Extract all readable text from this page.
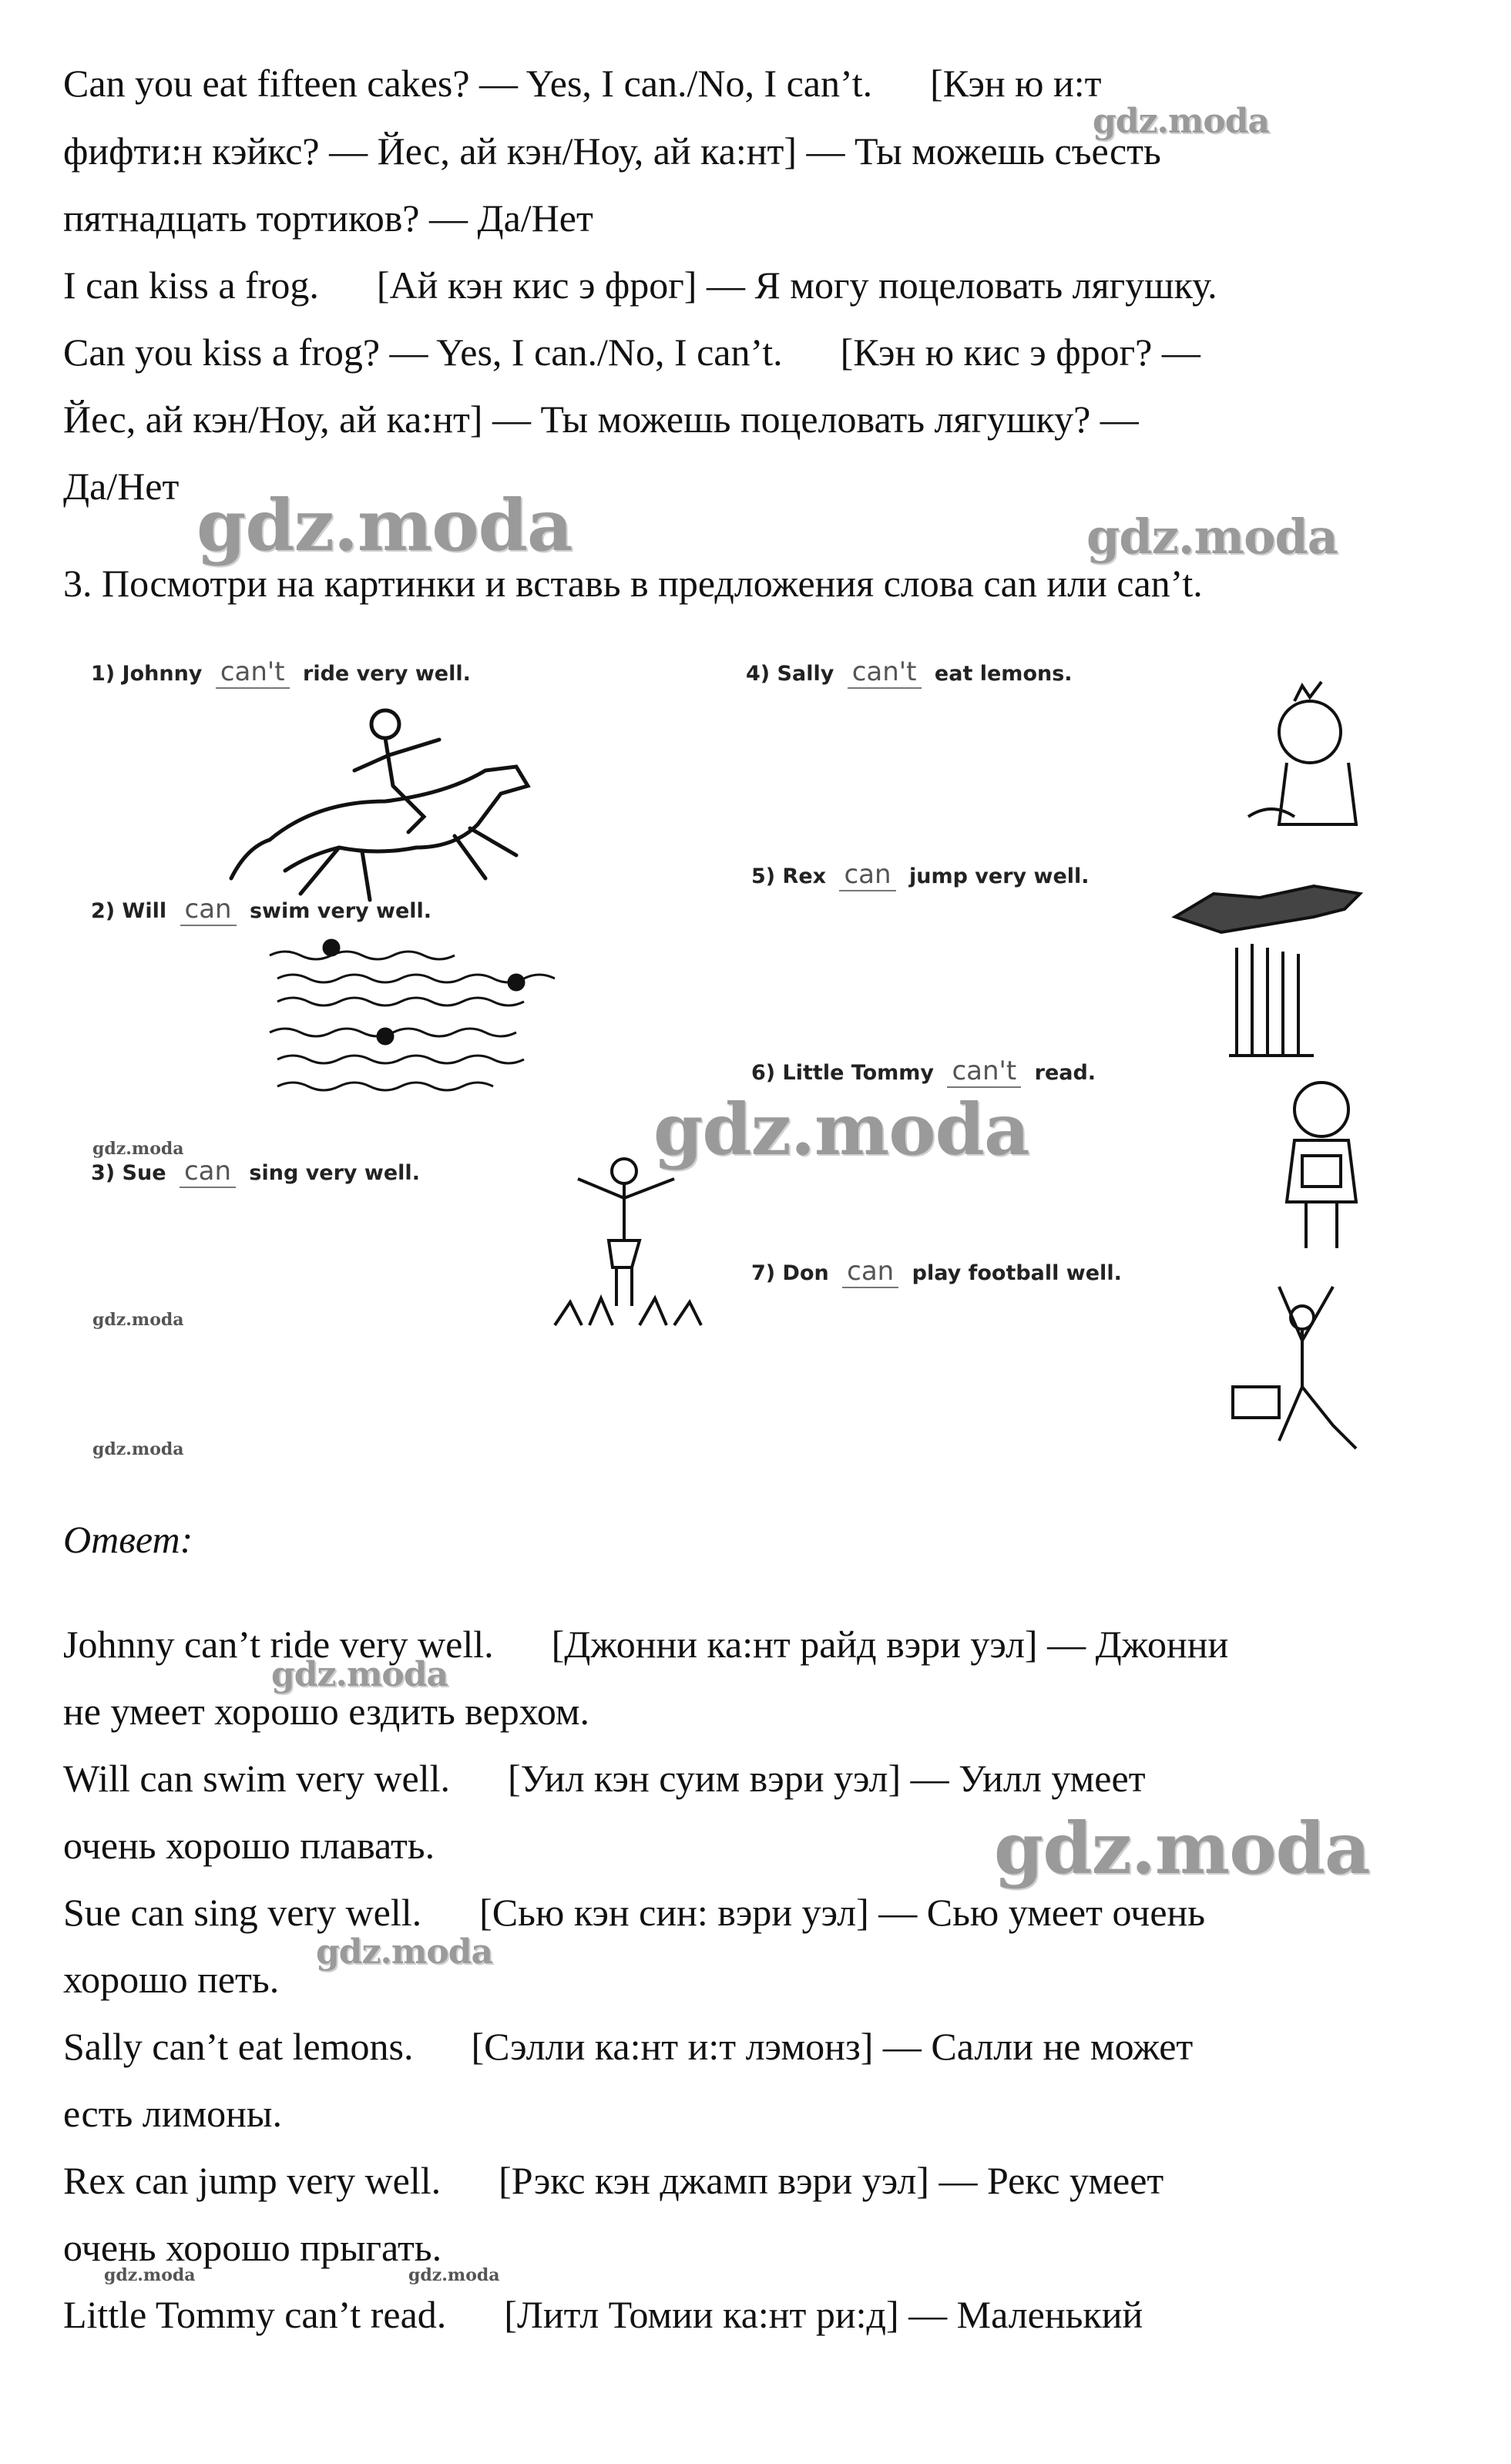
Can you eat fifteen cakes? — Yes, I can./No, I can’t.      [Кэн ю и:т
фифти:н кэйкс? — Йес, ай кэн/Ноу, ай ка:нт] — Ты можешь съесть
пятнадцать тортиков? — Да/Нет
I can kiss a frog.      [Ай кэн кис э фрог] — Я могу поцеловать лягушку.
Can you kiss a frog? — Yes, I can./No, I can’t.      [Кэн ю кис э фрог? —
Йес, ай кэн/Ноу, ай ка:нт] — Ты можешь поцеловать лягушку? —
Да/Нет
3. Посмотри на картинки и вставь в предложения слова can или can’t.
1) Johnny can't ride very well.
2) Will can swim very well.
3) Sue can sing very well.
4) Sally can't eat lemons.
5) Rex can jump very well.
6) Little Tommy can't read.
7) Don can play football well.
Ответ:
Johnny can’t ride very well.      [Джонни ка:нт райд вэри уэл] — Джонни
не умеет хорошо ездить верхом.
Will can swim very well.      [Уил кэн суим вэри уэл] — Уилл умеет
очень хорошо плавать.
Sue can sing very well.      [Сью кэн син: вэри уэл] — Сью умеет очень
хорошо петь.
Sally can’t eat lemons.      [Сэлли ка:нт и:т лэмонз] — Салли не может
есть лимоны.
Rex can jump very well.      [Рэкс кэн джамп вэри уэл] — Рекс умеет
очень хорошо прыгать.
Little Tommy can’t read.      [Литл Томии ка:нт ри:д] — Маленький
gdz.moda
gdz.moda	gdz.moda
gdz.moda
gdz.moda
gdz.moda
gdz.moda
gdz.moda
gdz.moda
gdz.moda
gdz.moda	gdz.moda
